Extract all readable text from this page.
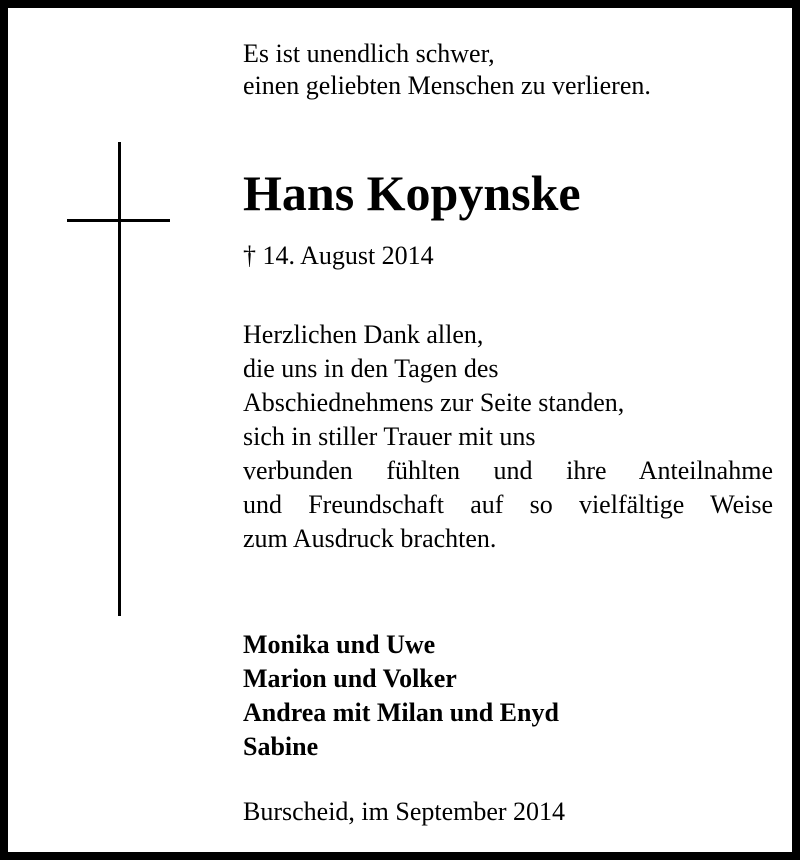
Es ist unendlich schwer,
einen geliebten Menschen zu verlieren.
Hans Kopynske
† 14. August 2014
Herzlichen Dank allen,
die uns in den Tagen des
Abschiednehmens zur Seite standen,
sich in stiller Trauer mit uns
verbunden fühlten und ihre Anteilnahme
und Freundschaft auf so vielfältige Weise
zum Ausdruck brachten.
Monika und Uwe
Marion und Volker
Andrea mit Milan und Enyd
Sabine
Burscheid, im September 2014
